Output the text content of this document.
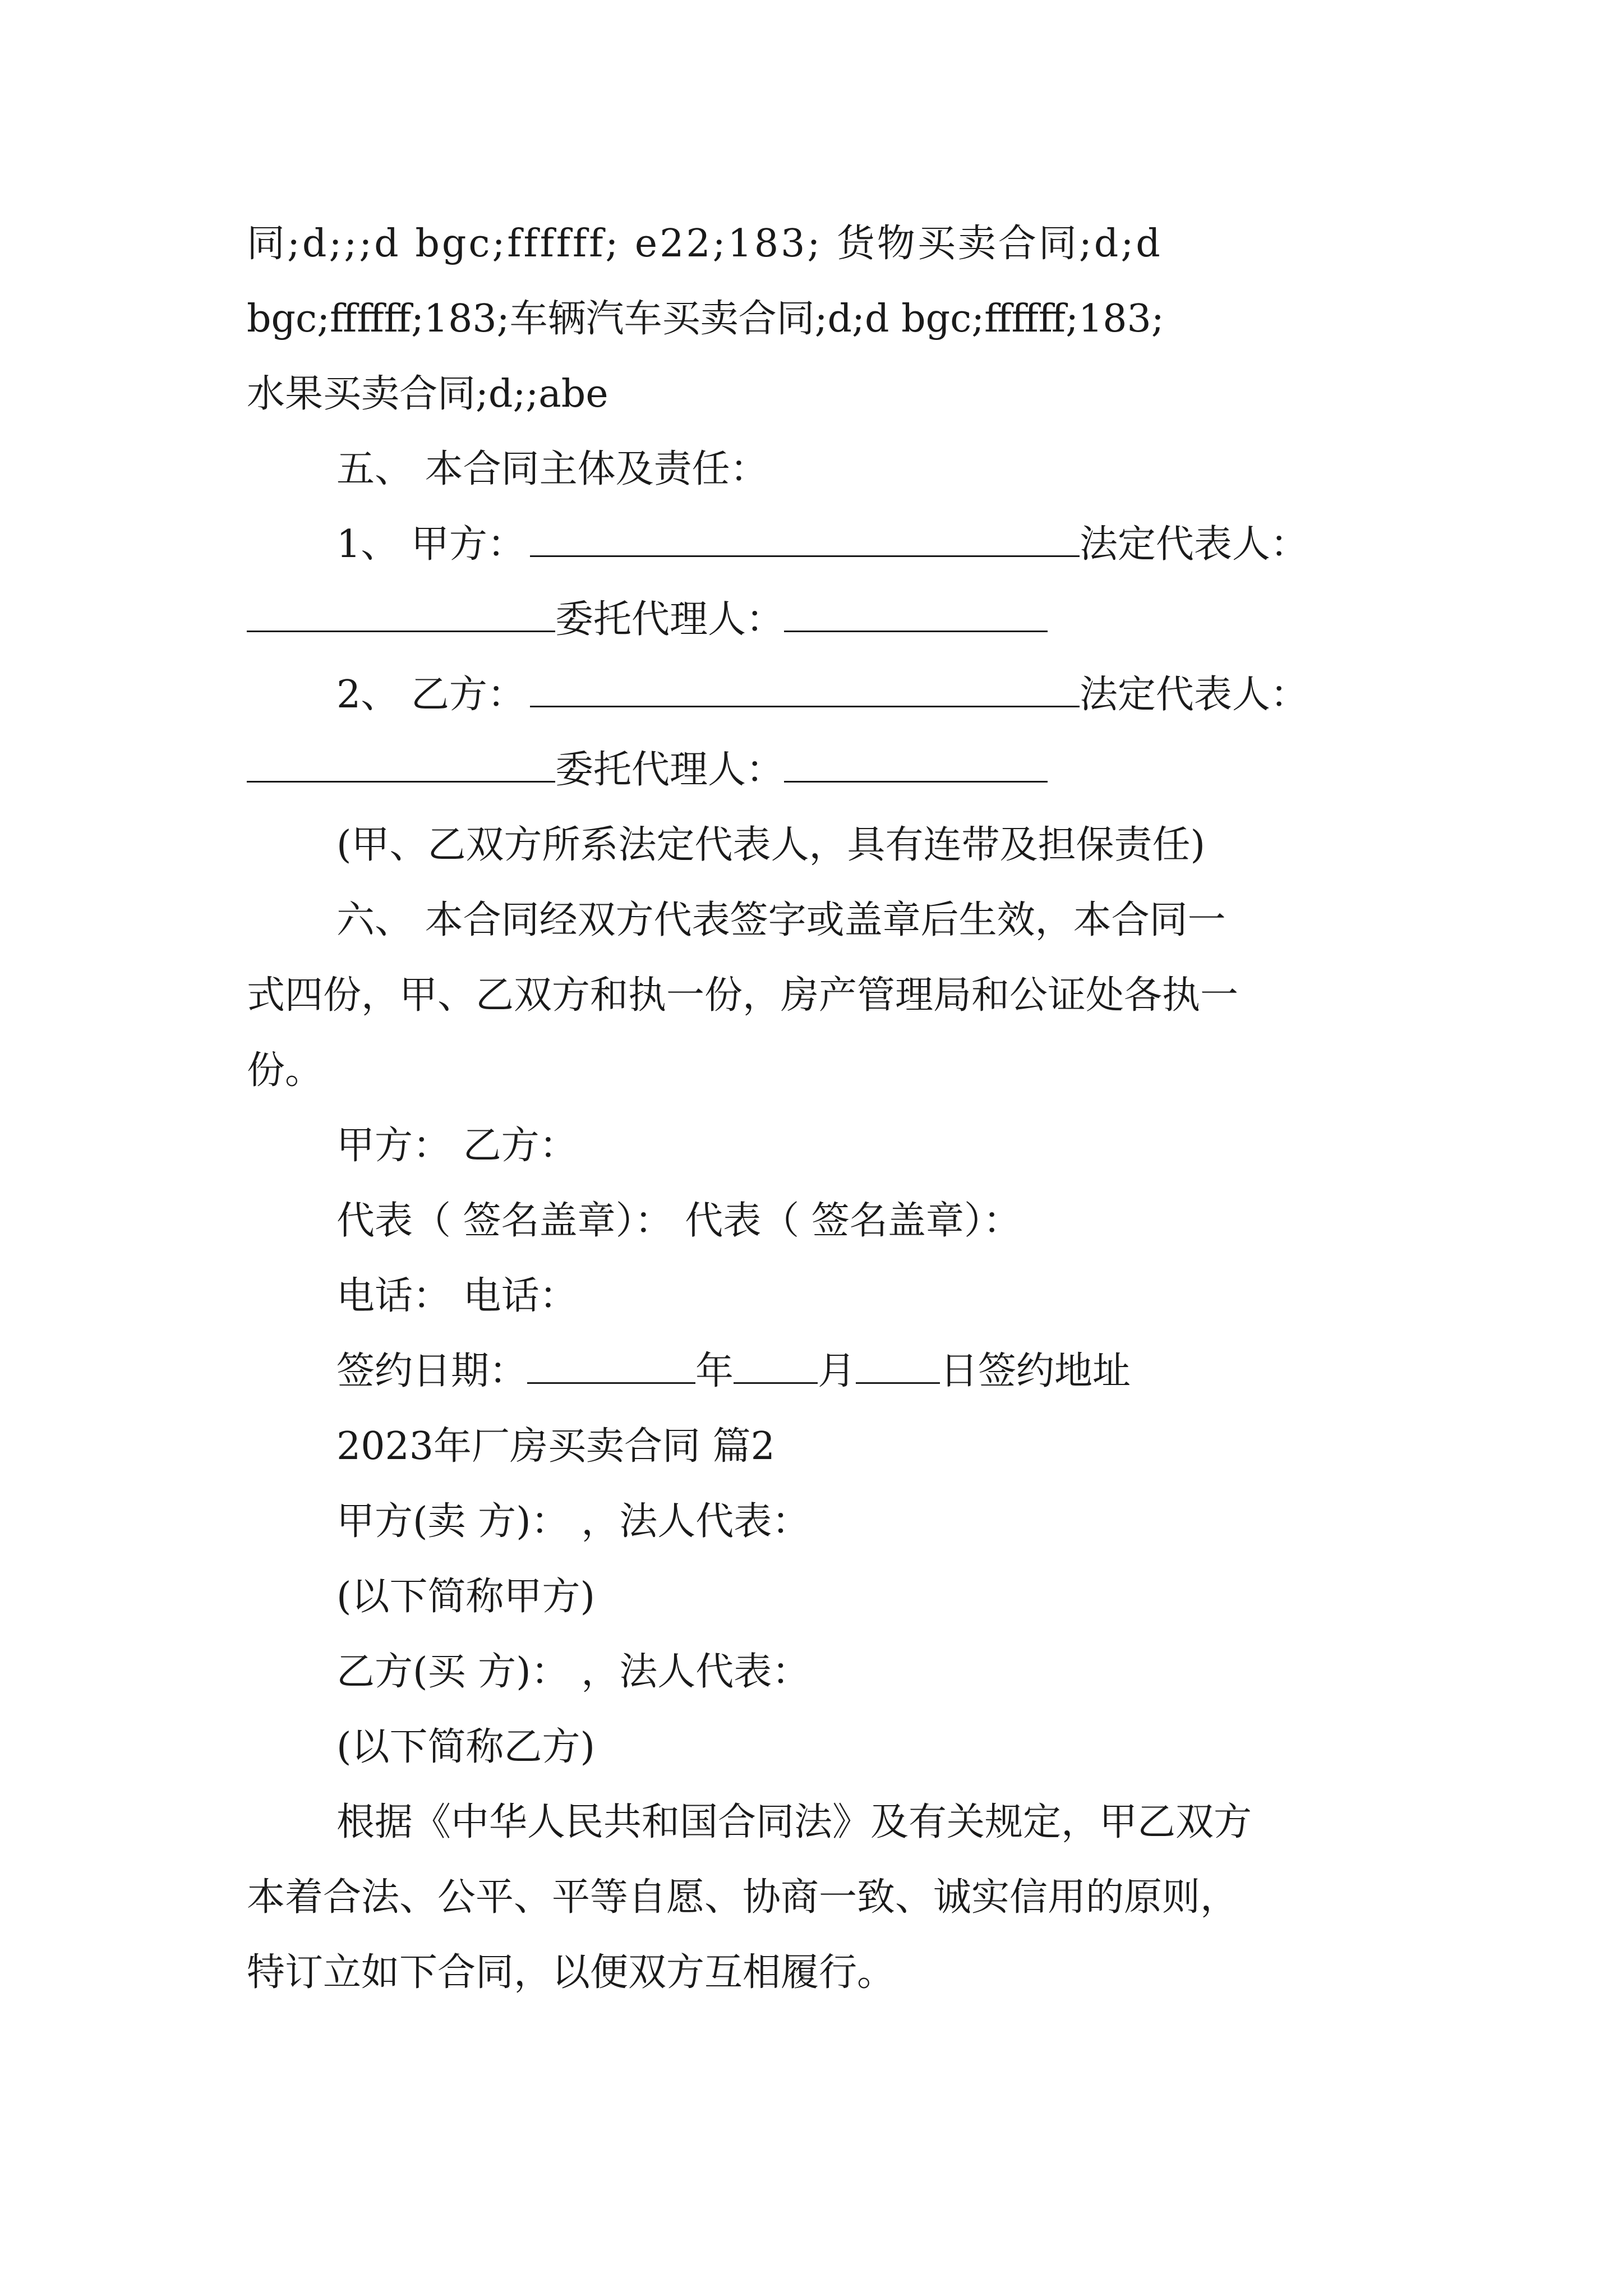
同;d;;;d bgc;ffffff; e22;183; 货物买卖合同;d;d
bgc;ffffff;183;车辆汽车买卖合同;d;d bgc;ffffff;183;
水果买卖合同;d;;abe
五、 本合同主体及责任：
1、 甲方：	法定代表人：
委托代理人：
2、 乙方：	法定代表人：
委托代理人：
(甲、乙双方所系法定代表人，具有连带及担保责任)
六、 本合同经双方代表签字或盖章后生效，本合同一
式四份，甲、乙双方和执一份，房产管理局和公证处各执一
份。
甲方： 乙方：
代表（ 签名盖章）： 代表（ 签名盖章）：
电话： 电话：
签约日期：	年 月 日签约地址
2023年厂房买卖合同 篇2
甲方(卖 方)： ，法人代表：
(以下简称甲方)
乙方(买 方)： ，法人代表：
(以下简称乙方)
根据《中华人民共和国合同法》及有关规定，甲乙双方
本着合法、公平、平等自愿、协商一致、诚实信用的原则，
特订立如下合同，以便双方互相履行。
